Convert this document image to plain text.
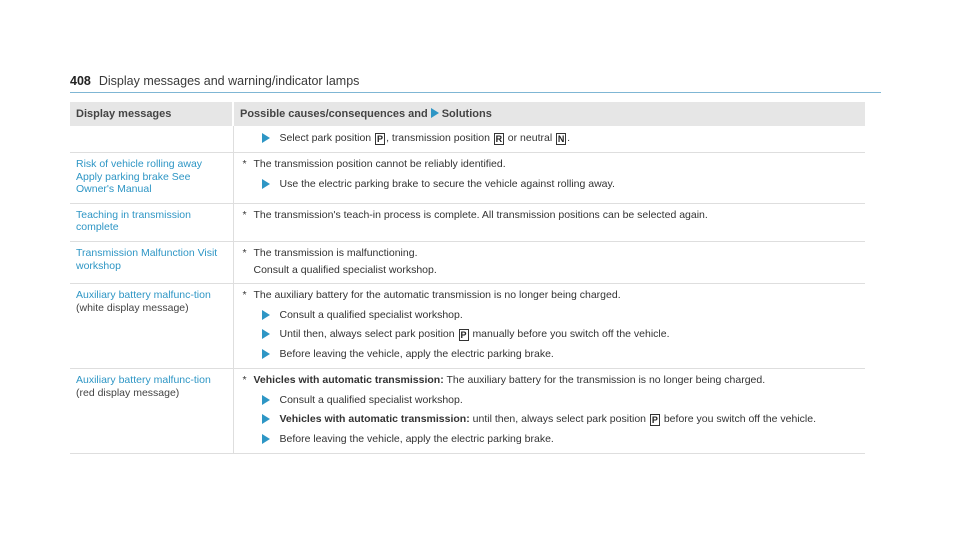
408 Display messages and warning/indicator lamps
Display messages	Possible causes/consequences and Solutions

Select park position P , transmission position R or neutral N .

Risk of vehicle rolling away Apply parking brake See Owner's Manual	* The transmission position cannot be reliably identified.

Use the electric parking brake to secure the vehicle against rolling away.

Teaching in transmission complete	* The transmission's teach-in process is complete. All transmission positions can be selected again.

Transmission Malfunction Visit workshop	* The transmission is malfunctioning.

Consult a qualified specialist workshop.

Auxiliary battery malfunc-tion (white display message)	* The auxiliary battery for the automatic transmission is no longer being charged.

Consult a qualified specialist workshop.

Until then, always select park position P manually before you switch off the vehicle.

Before leaving the vehicle, apply the electric parking brake.

Auxiliary battery malfunc-tion (red display message)	* Vehicles with automatic transmission: The auxiliary battery for the transmission is no longer being charged.

Consult a qualified specialist workshop.

Vehicles with automatic transmission: until then, always select park position P before you switch off the vehicle.

Before leaving the vehicle, apply the electric parking brake.
